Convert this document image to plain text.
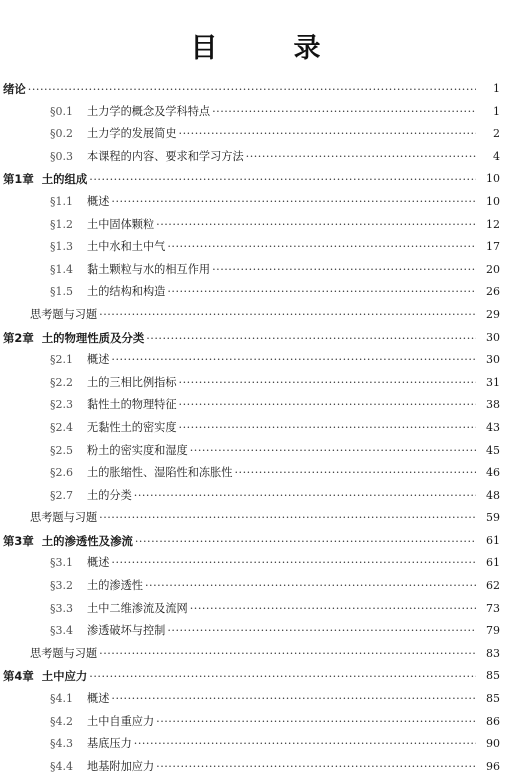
目	录
绪论 ·····	1
§0.1 土力学的概念及学科特点 ·····	1
§0.2 土力学的发展简史 ·····	2
§0.3 本课程的内容、要求和学习方法 ·····	4
第1章 土的组成 ·····	10
§1.1 概述 ·····	10
§1.2 土中固体颗粒 ·····	12
§1.3 土中水和土中气 ·····	17
§1.4 黏土颗粒与水的相互作用 ·····	20
§1.5 土的结构和构造 ·····	26
思考题与习题 ·····	29
第2章 土的物理性质及分类 ·····	30
§2.1 概述 ·····	30
§2.2 土的三相比例指标 ·····	31
§2.3 黏性土的物理特征 ·····	38
§2.4 无黏性土的密实度 ·····	43
§2.5 粉土的密实度和湿度 ·····	45
§2.6 土的胀缩性、湿陷性和冻胀性 ·····	46
§2.7 土的分类 ·····	48
思考题与习题 ·····	59
第3章 土的渗透性及渗流 ·····	61
§3.1 概述 ·····	61
§3.2 土的渗透性 ·····	62
§3.3 土中二维渗流及流网 ·····	73
§3.4 渗透破坏与控制 ·····	79
思考题与习题 ·····	83
第4章 土中应力 ·····	85
§4.1 概述 ·····	85
§4.2 土中自重应力 ·····	86
§4.3 基底压力 ·····	90
§4.4 地基附加应力 ·····	96
